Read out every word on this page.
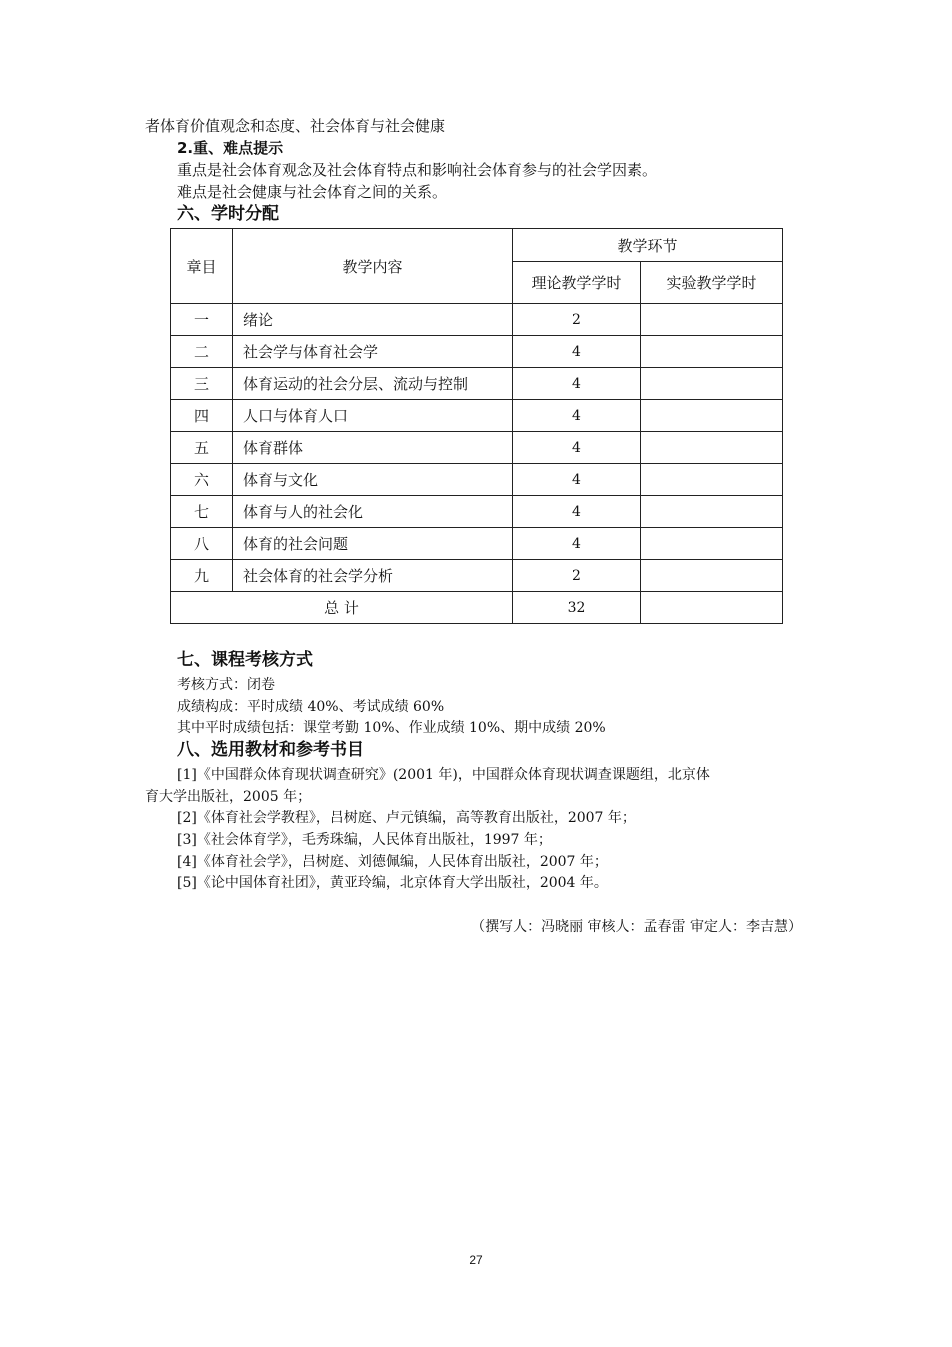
者体育价值观念和态度、社会体育与社会健康
2.重、难点提示
重点是社会体育观念及社会体育特点和影响社会体育参与的社会学因素。
难点是社会健康与社会体育之间的关系。
六、学时分配
章目	教学内容	教学环节	
		理论教学学时	实验教学学时
一	绪论	2	
二	社会学与体育社会学	4	
三	体育运动的社会分层、流动与控制	4	
四	人口与体育人口	4	
五	体育群体	4	
六	体育与文化	4	
七	体育与人的社会化	4	
八	体育的社会问题	4	
九	社会体育的社会学分析	2	
总 计		32	
七、课程考核方式
考核方式：闭卷
成绩构成：平时成绩 40%、考试成绩 60%
其中平时成绩包括：课堂考勤 10%、作业成绩 10%、期中成绩 20%
八、选用教材和参考书目
[1]《中国群众体育现状调查研究》(2001 年)，中国群众体育现状调查课题组，北京体
育大学出版社，2005 年；
[2]《体育社会学教程》，吕树庭、卢元镇编，高等教育出版社，2007 年；
[3]《社会体育学》，毛秀珠编，人民体育出版社，1997 年；
[4]《体育社会学》，吕树庭、刘德佩编，人民体育出版社，2007 年；
[5]《论中国体育社团》，黄亚玲编，北京体育大学出版社，2004 年。
（撰写人：冯晓丽 审核人：孟春雷 审定人：李吉慧）
27
